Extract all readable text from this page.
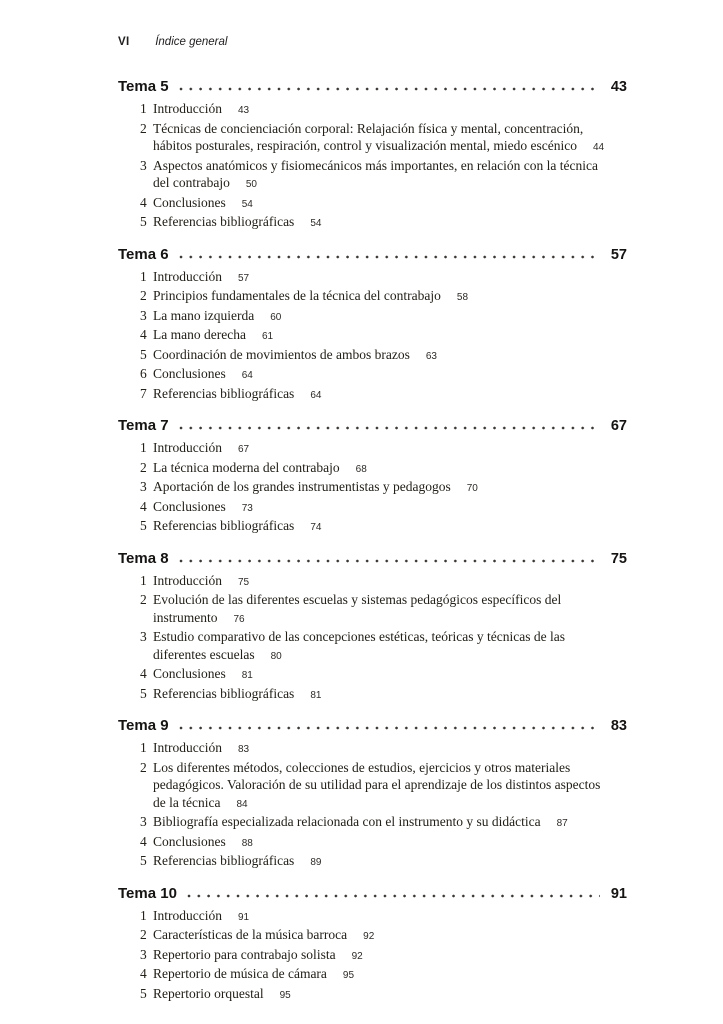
VI Índice general
Tema 5	43
1 Introducción 43
2 Técnicas de concienciación corporal: Relajación física y mental, concentración, hábitos posturales, respiración, control y visualización mental, miedo escénico 44
3 Aspectos anatómicos y fisiomecánicos más importantes, en relación con la técnica del contrabajo 50
4 Conclusiones 54
5 Referencias bibliográficas 54
Tema 6	57
1 Introducción 57
2 Principios fundamentales de la técnica del contrabajo 58
3 La mano izquierda 60
4 La mano derecha 61
5 Coordinación de movimientos de ambos brazos 63
6 Conclusiones 64
7 Referencias bibliográficas 64
Tema 7	67
1 Introducción 67
2 La técnica moderna del contrabajo 68
3 Aportación de los grandes instrumentistas y pedagogos 70
4 Conclusiones 73
5 Referencias bibliográficas 74
Tema 8	75
1 Introducción 75
2 Evolución de las diferentes escuelas y sistemas pedagógicos específicos del instrumento 76
3 Estudio comparativo de las concepciones estéticas, teóricas y técnicas de las diferentes escuelas 80
4 Conclusiones 81
5 Referencias bibliográficas 81
Tema 9	83
1 Introducción 83
2 Los diferentes métodos, colecciones de estudios, ejercicios y otros materiales pedagógicos. Valoración de su utilidad para el aprendizaje de los distintos aspectos de la técnica 84
3 Bibliografía especializada relacionada con el instrumento y su didáctica 87
4 Conclusiones 88
5 Referencias bibliográficas 89
Tema 10	91
1 Introducción 91
2 Características de la música barroca 92
3 Repertorio para contrabajo solista 92
4 Repertorio de música de cámara 95
5 Repertorio orquestal 95
